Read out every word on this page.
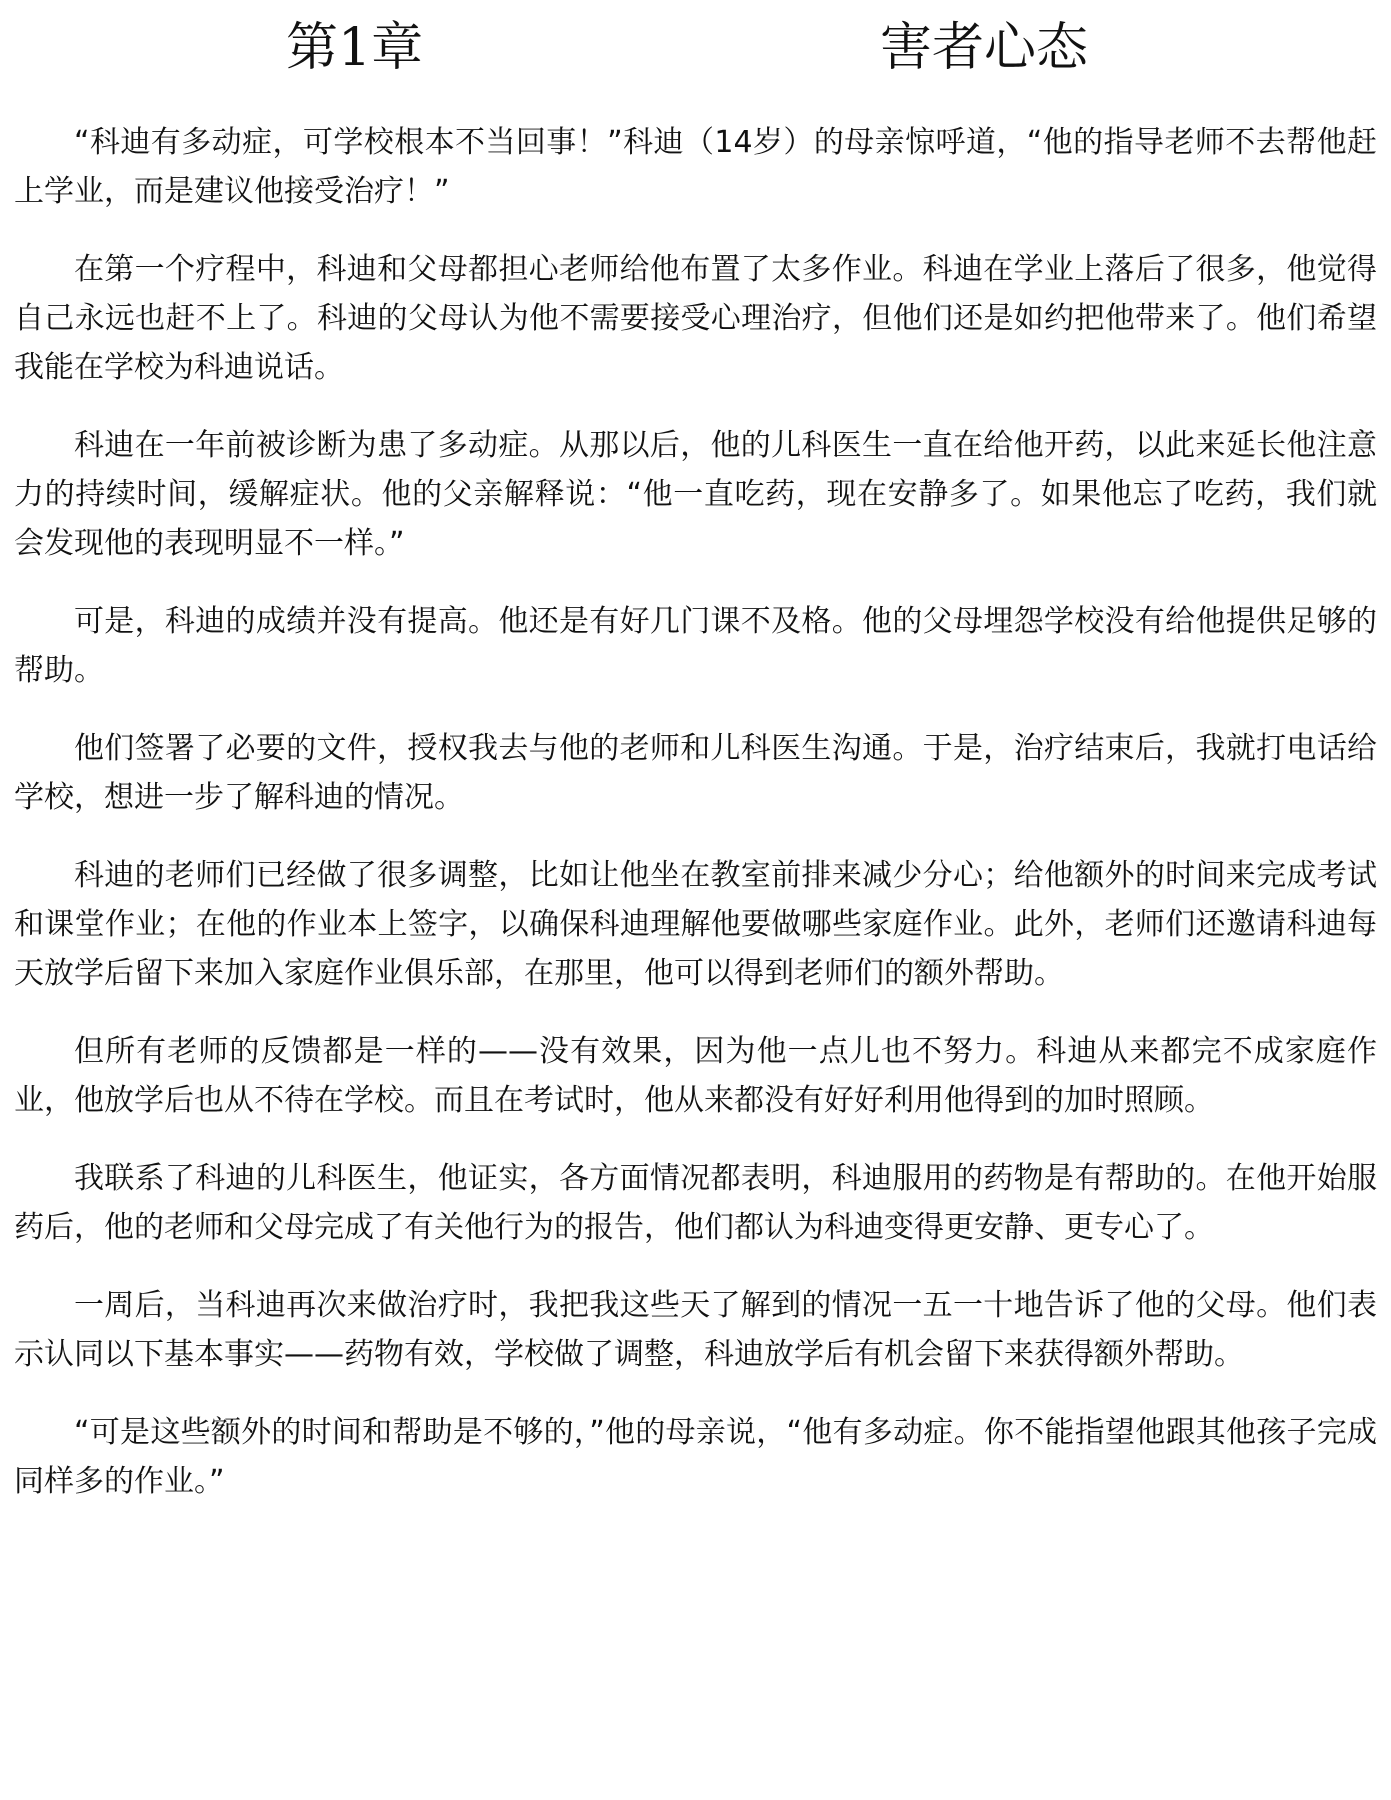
第1章	害者心态

“科迪有多动症，可学校根本不当回事！”科迪（14岁）的母亲惊呼道，“他的指导老师不去帮他赶上学业，而是建议他接受治疗！”

在第一个疗程中，科迪和父母都担心老师给他布置了太多作业。科迪在学业上落后了很多，他觉得自己永远也赶不上了。科迪的父母认为他不需要接受心理治疗，但他们还是如约把他带来了。他们希望我能在学校为科迪说话。

科迪在一年前被诊断为患了多动症。从那以后，他的儿科医生一直在给他开药，以此来延长他注意力的持续时间，缓解症状。他的父亲解释说：“他一直吃药，现在安静多了。如果他忘了吃药，我们就会发现他的表现明显不一样。”

可是，科迪的成绩并没有提高。他还是有好几门课不及格。他的父母埋怨学校没有给他提供足够的帮助。

他们签署了必要的文件，授权我去与他的老师和儿科医生沟通。于是，治疗结束后，我就打电话给学校，想进一步了解科迪的情况。

科迪的老师们已经做了很多调整，比如让他坐在教室前排来减少分心；给他额外的时间来完成考试和课堂作业；在他的作业本上签字，以确保科迪理解他要做哪些家庭作业。此外，老师们还邀请科迪每天放学后留下来加入家庭作业俱乐部，在那里，他可以得到老师们的额外帮助。

但所有老师的反馈都是一样的——没有效果，因为他一点儿也不努力。科迪从来都完不成家庭作业，他放学后也从不待在学校。而且在考试时，他从来都没有好好利用他得到的加时照顾。

我联系了科迪的儿科医生，他证实，各方面情况都表明，科迪服用的药物是有帮助的。在他开始服药后，他的老师和父母完成了有关他行为的报告，他们都认为科迪变得更安静、更专心了。

一周后，当科迪再次来做治疗时，我把我这些天了解到的情况一五一十地告诉了他的父母。他们表示认同以下基本事实——药物有效，学校做了调整，科迪放学后有机会留下来获得额外帮助。

“可是这些额外的时间和帮助是不够的，”他的母亲说，“他有多动症。你不能指望他跟其他孩子完成同样多的作业。”
